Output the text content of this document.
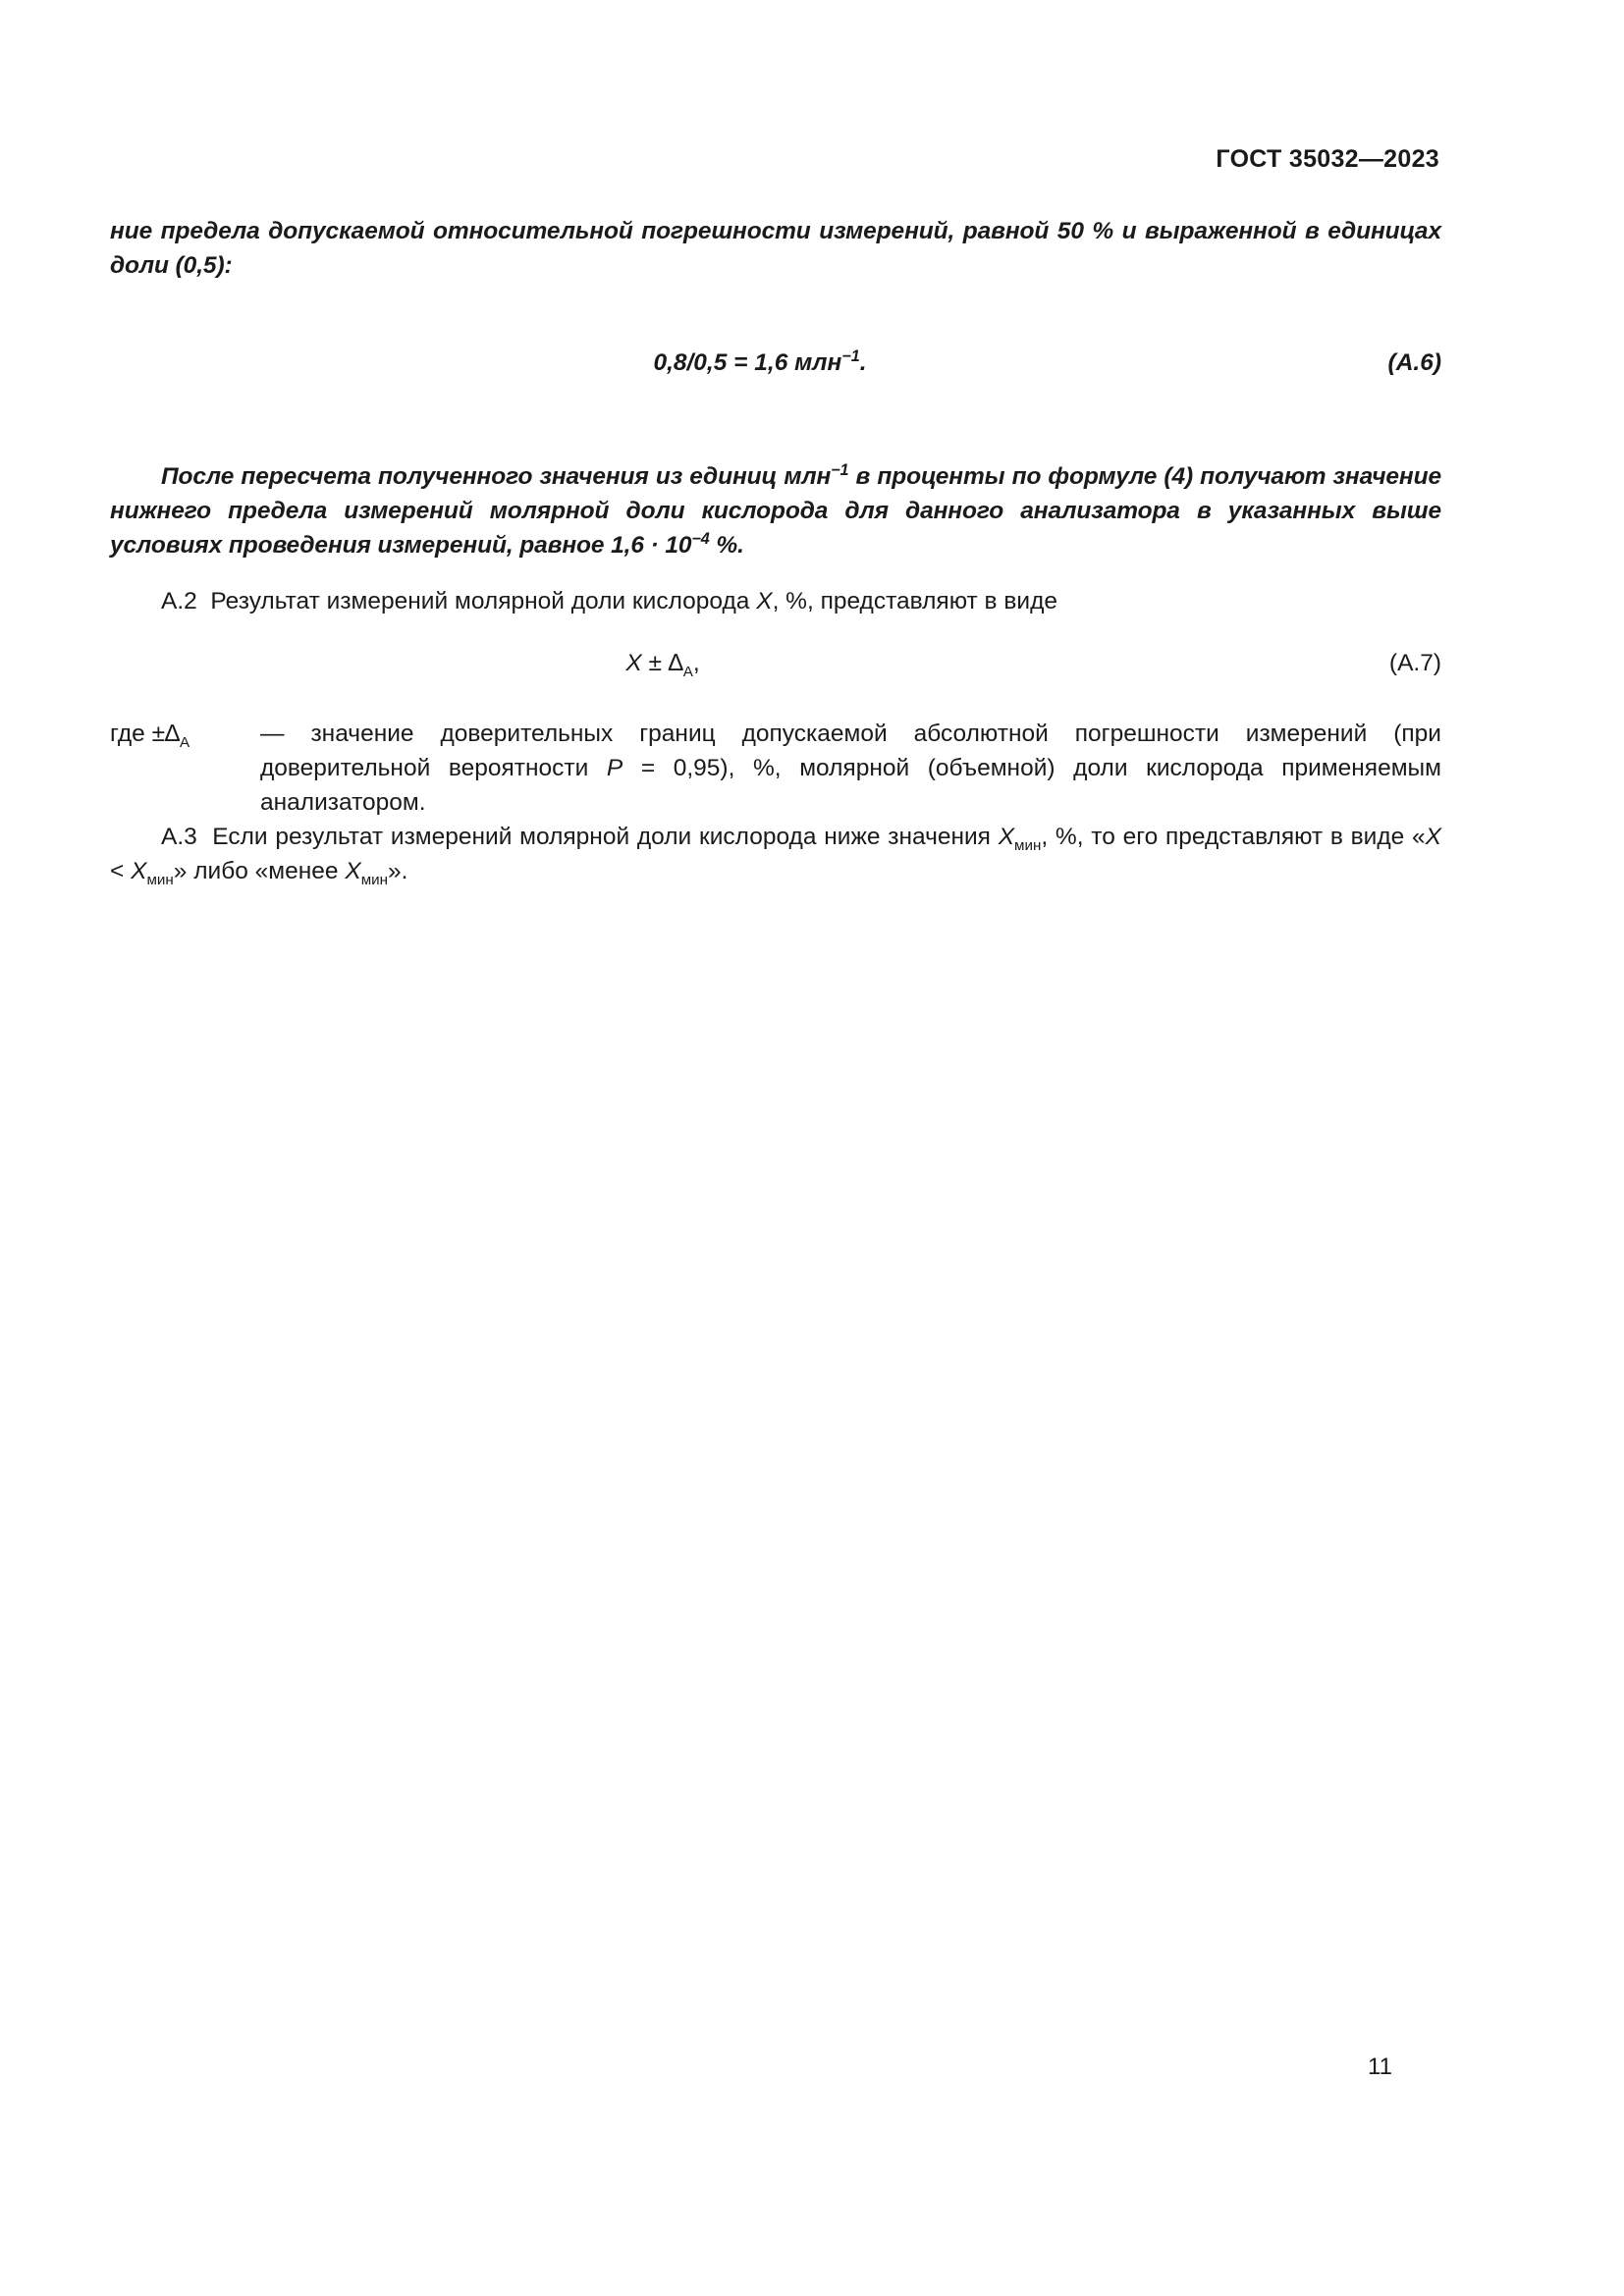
ГОСТ 35032—2023

ние предела допускаемой относительной погрешности измерений, равной 50 % и выраженной в единицах доли (0,5):

0,8/0,5 = 1,6 млн$^{-1}$.	(A.6)

После пересчета полученного значения из единиц млн$^{-1}$ в проценты по формуле (4) получают значение нижнего предела измерений молярной доли кислорода для данного анализатора в указанных выше условиях проведения измерений, равное $1,6 \cdot 10^{-4}$ %.

A.2 Результат измерений молярной доли кислорода X, %, представляют в виде

$X \pm \Delta_A$,	(A.7)
где $\pm\Delta_A$	— значение доверительных границ допускаемой абсолютной погрешности измерений (при доверительной вероятности P = 0,95), %, молярной (объемной) доли кислорода применяемым анализатором.

A.3 Если результат измерений молярной доли кислорода ниже значения $X_{мин}$, %, то его представляют в виде «$X < X_{мин}$» либо «менее $X_{мин}$».

11
